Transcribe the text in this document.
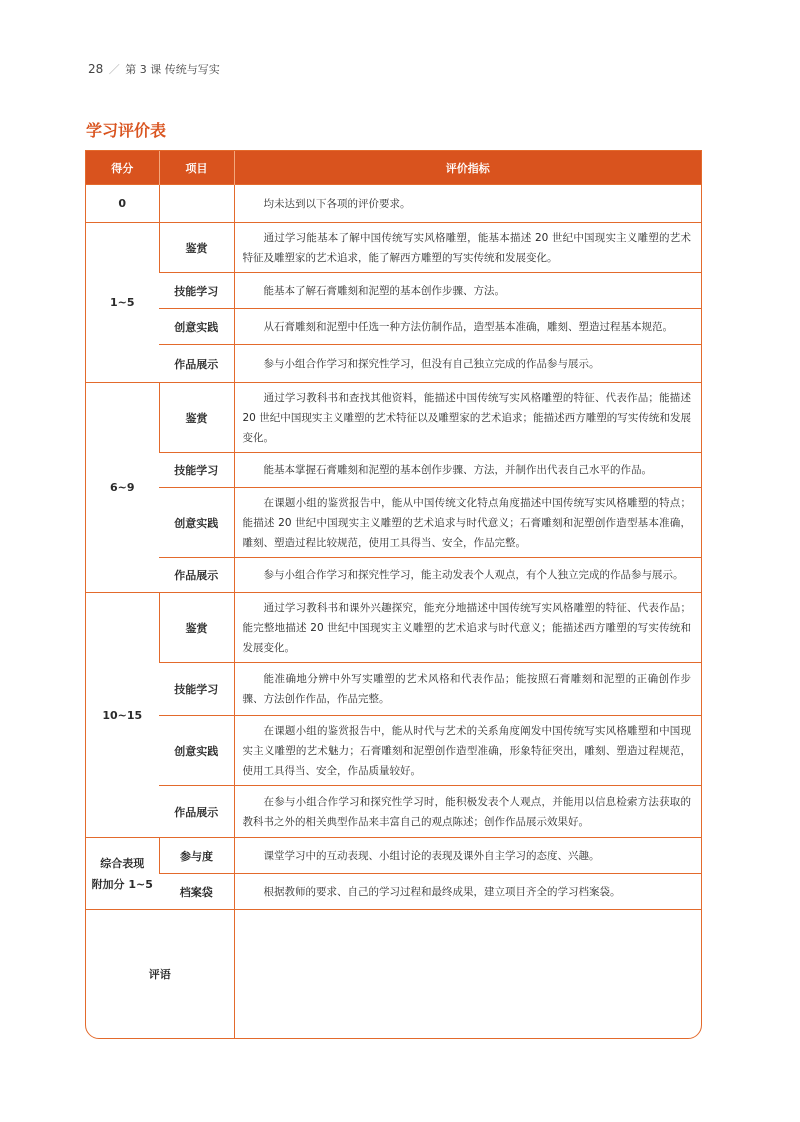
28 ／ 第 3 课 传统与写实
学习评价表
得分	项目	评价指标
0		均未达到以下各项的评价要求。
1~5	鉴赏	通过学习能基本了解中国传统写实风格雕塑，能基本描述 20 世纪中国现实主义雕塑的艺术特征及雕塑家的艺术追求，能了解西方雕塑的写实传统和发展变化。
	技能学习	能基本了解石膏雕刻和泥塑的基本创作步骤、方法。
	创意实践	从石膏雕刻和泥塑中任选一种方法仿制作品，造型基本准确，雕刻、塑造过程基本规范。
	作品展示	参与小组合作学习和探究性学习，但没有自己独立完成的作品参与展示。
6~9	鉴赏	通过学习教科书和查找其他资料，能描述中国传统写实风格雕塑的特征、代表作品；能描述 20 世纪中国现实主义雕塑的艺术特征以及雕塑家的艺术追求；能描述西方雕塑的写实传统和发展变化。
	技能学习	能基本掌握石膏雕刻和泥塑的基本创作步骤、方法，并制作出代表自己水平的作品。
	创意实践	在课题小组的鉴赏报告中，能从中国传统文化特点角度描述中国传统写实风格雕塑的特点；能描述 20 世纪中国现实主义雕塑的艺术追求与时代意义；石膏雕刻和泥塑创作造型基本准确，雕刻、塑造过程比较规范，使用工具得当、安全，作品完整。
	作品展示	参与小组合作学习和探究性学习，能主动发表个人观点，有个人独立完成的作品参与展示。
10~15	鉴赏	通过学习教科书和课外兴趣探究，能充分地描述中国传统写实风格雕塑的特征、代表作品；能完整地描述 20 世纪中国现实主义雕塑的艺术追求与时代意义；能描述西方雕塑的写实传统和发展变化。
	技能学习	能准确地分辨中外写实雕塑的艺术风格和代表作品；能按照石膏雕刻和泥塑的正确创作步骤、方法创作作品，作品完整。
	创意实践	在课题小组的鉴赏报告中，能从时代与艺术的关系角度阐发中国传统写实风格雕塑和中国现实主义雕塑的艺术魅力；石膏雕刻和泥塑创作造型准确，形象特征突出，雕刻、塑造过程规范，使用工具得当、安全，作品质量较好。
	作品展示	在参与小组合作学习和探究性学习时，能积极发表个人观点，并能用以信息检索方法获取的教科书之外的相关典型作品来丰富自己的观点陈述；创作作品展示效果好。

综合表现
附加分 1~5	参与度	课堂学习中的互动表现、小组讨论的表现及课外自主学习的态度、兴趣。
	档案袋	根据教师的要求、自己的学习过程和最终成果，建立项目齐全的学习档案袋。
评语		
